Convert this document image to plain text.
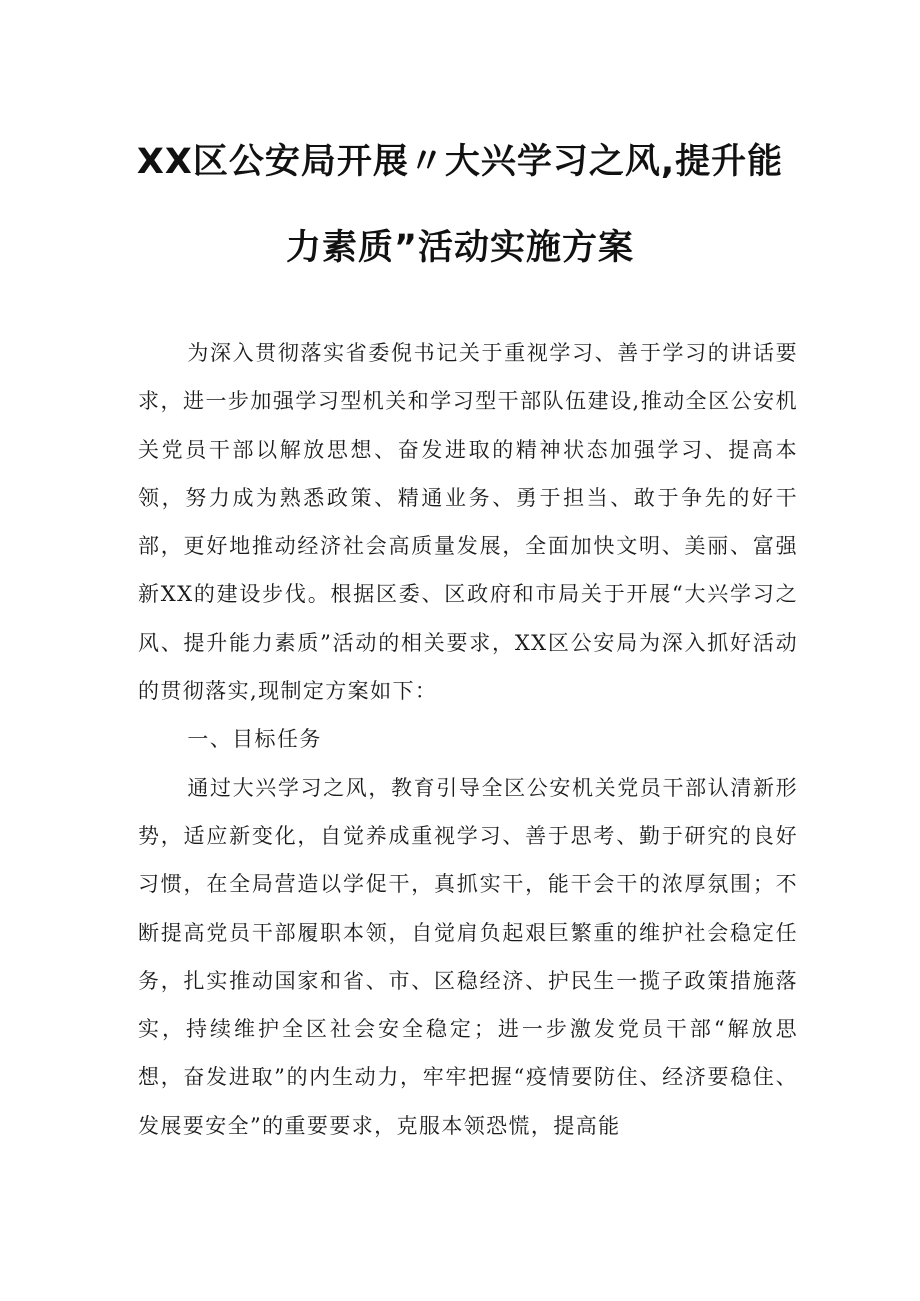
XX区公安局开展〃大兴学习之风,提升能
力素质”活动实施方案

为深入贯彻落实省委倪书记关于重视学习、善于学习的讲话要求，进一步加强学习型机关和学习型干部队伍建设,推动全区公安机关党员干部以解放思想、奋发进取的精神状态加强学习、提高本领，努力成为熟悉政策、精通业务、勇于担当、敢于争先的好干部，更好地推动经济社会高质量发展，全面加快文明、美丽、富强新XX的建设步伐。根据区委、区政府和市局关于开展“大兴学习之风、提升能力素质”活动的相关要求，XX区公安局为深入抓好活动的贯彻落实,现制定方案如下：

一、目标任务

通过大兴学习之风，教育引导全区公安机关党员干部认清新形势，适应新变化，自觉养成重视学习、善于思考、勤于研究的良好习惯，在全局营造以学促干，真抓实干，能干会干的浓厚氛围；不断提高党员干部履职本领，自觉肩负起艰巨繁重的维护社会稳定任务，扎实推动国家和省、市、区稳经济、护民生一揽子政策措施落实，持续维护全区社会安全稳定；进一步激发党员干部“解放思想，奋发进取”的内生动力，牢牢把握“疫情要防住、经济要稳住、发展要安全”的重要要求，克服本领恐慌，提高能
